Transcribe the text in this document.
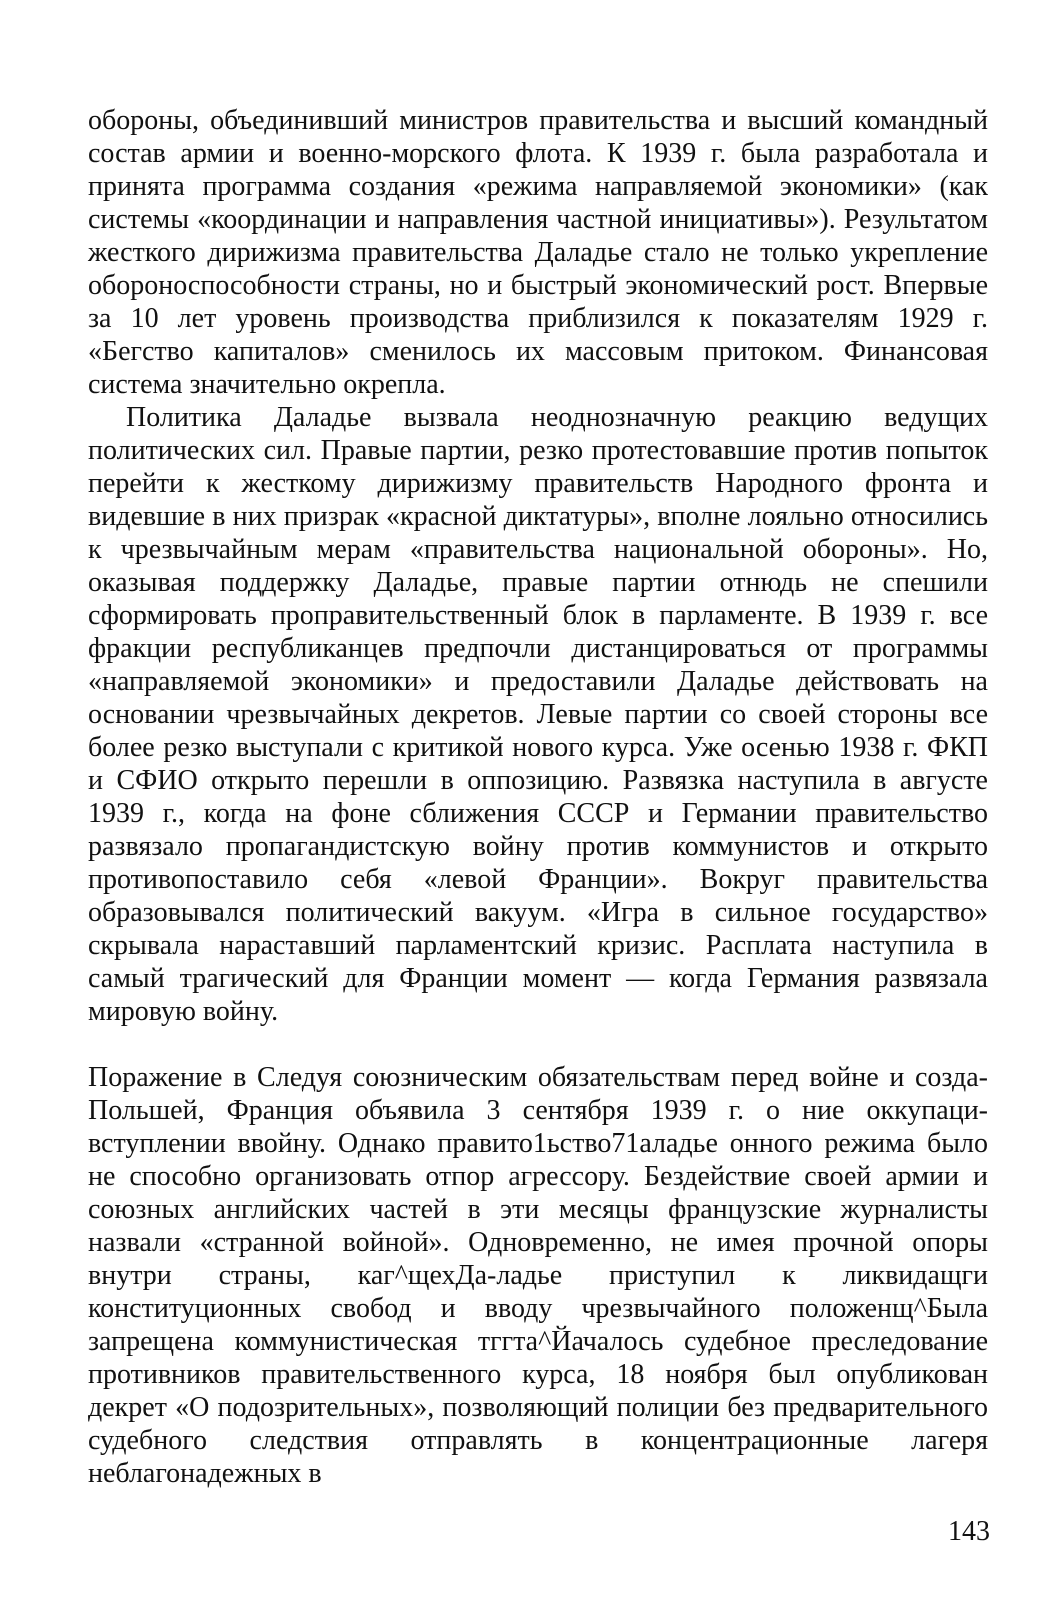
обороны, объединивший министров правительства и высший командный состав армии и военно-морского флота. К 1939 г. была разработала и принята программа создания «режима направляемой экономики» (как системы «координации и направления частной инициативы»). Результатом жесткого дирижизма правительства Даладье стало не только укрепление обороноспособности страны, но и быстрый экономический рост. Впервые за 10 лет уровень производства приблизился к показателям 1929 г. «Бегство капиталов» сменилось их массовым притоком. Финансовая система значительно окрепла.

Политика Даладье вызвала неоднозначную реакцию ведущих политических сил. Правые партии, резко протестовавшие против попыток перейти к жесткому дирижизму правительств Народного фронта и видевшие в них призрак «красной диктатуры», вполне лояльно относились к чрезвычайным мерам «правительства национальной обороны». Но, оказывая поддержку Даладье, правые партии отнюдь не спешили сформировать проправительственный блок в парламенте. В 1939 г. все фракции республиканцев предпочли дистанцироваться от программы «направляемой экономики» и предоставили Даладье действовать на основании чрезвычайных декретов. Левые партии со своей стороны все более резко выступали с критикой нового курса. Уже осенью 1938 г. ФКП и СФИО открыто перешли в оппозицию. Развязка наступила в августе 1939 г., когда на фоне сближения СССР и Германии правительство развязало пропагандистскую войну против коммунистов и открыто противопоставило себя «левой Франции». Вокруг правительства образовывался политический вакуум. «Игра в сильное государство» скрывала нараставший парламентский кризис. Расплата наступила в самый трагический для Франции момент — когда Германия развязала мировую войну.

Поражение в Следуя союзническим обязательствам перед войне и созда-Польшей, Франция объявила 3 сентября 1939 г. о ние оккупаци- вступлении ввойну. Однако правито1ьство71аладье онного режима было не способно организовать отпор агрессору. Бездействие своей армии и союзных английских частей в эти месяцы французские журналисты назвали «странной войной». Одновременно, не имея прочной опоры внутри страны, каг^щехДа-ладье приступил к ликвидащги конституционных свобод и вводу чрезвычайного положенщ^Была запрещена коммунистическая тггта^Йачалось судебное преследование противников правительственного курса, 18 ноября был опубликован декрет «О подозрительных», позволяющий полиции без предварительного судебного следствия отправлять в концентрационные лагеря неблагонадежных в

143
